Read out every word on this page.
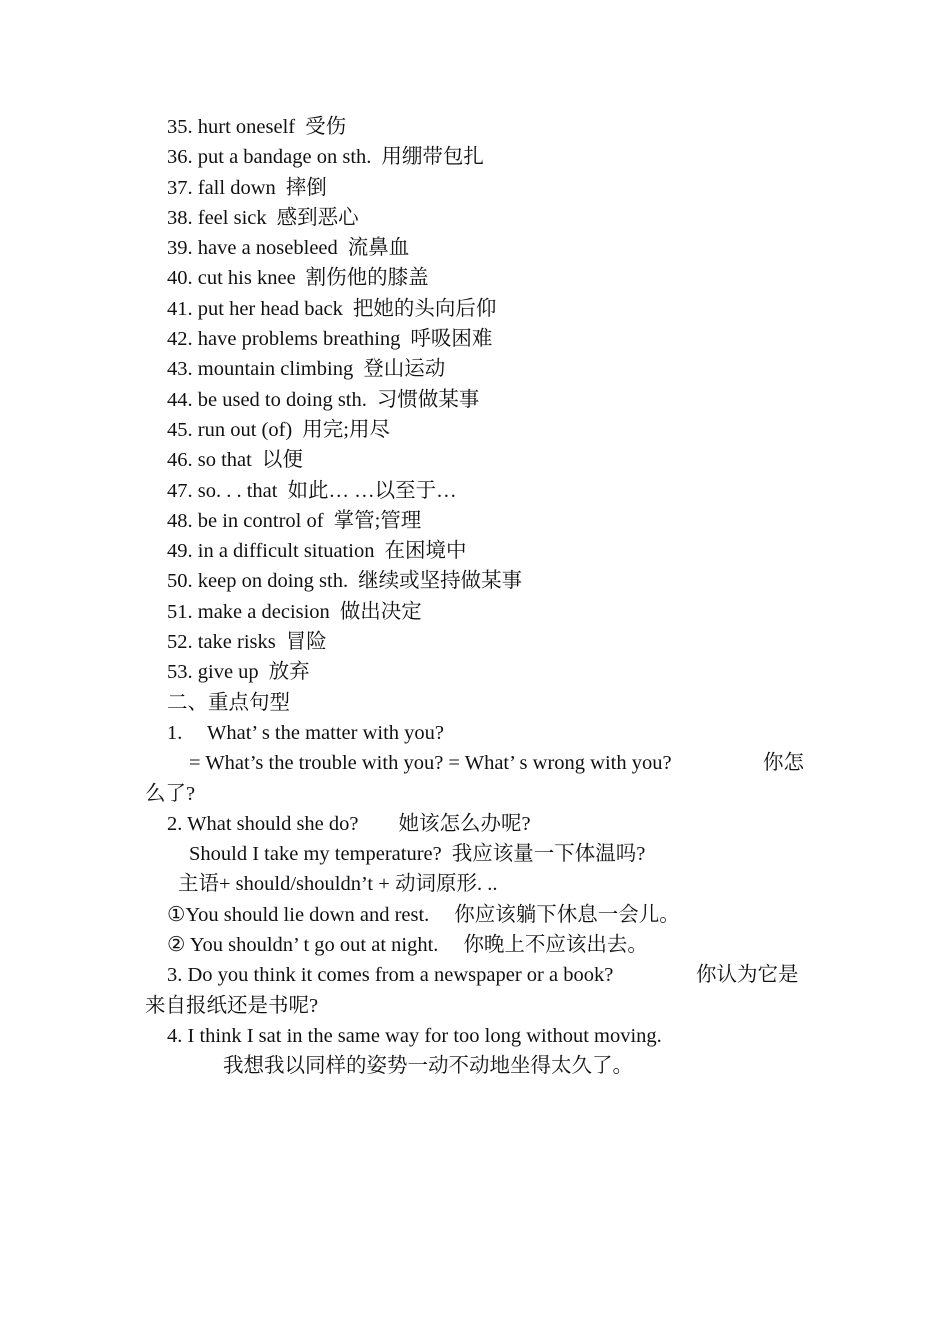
35. hurt oneself 受伤
36. put a bandage on sth. 用绷带包扎
37. fall down 摔倒
38. feel sick 感到恶心
39. have a nosebleed 流鼻血
40. cut his knee 割伤他的膝盖
41. put her head back 把她的头向后仰
42. have problems breathing 呼吸困难
43. mountain climbing 登山运动
44. be used to doing sth. 习惯做某事
45. run out (of) 用完;用尽
46. so that 以便
47. so. . . that 如此… …以至于…
48. be in control of 掌管;管理
49. in a difficult situation 在困境中
50. keep on doing sth. 继续或坚持做某事
51. make a decision 做出决定
52. take risks 冒险
53. give up 放弃
二、重点句型
1. What’ s the matter with you?
= What’s the trouble with you? = What’ s wrong with you?	你怎
么了?
2. What should she do? 她该怎么办呢?
Should I take my temperature? 我应该量一下体温吗?
主语+ should/shouldn’t + 动词原形. ..
①You should lie down and rest. 你应该躺下休息一会儿。
② You shouldn’ t go out at night. 你晚上不应该出去。
3. Do you think it comes from a newspaper or a book?	你认为它是
来自报纸还是书呢?
4. I think I sat in the same way for too long without moving.
我想我以同样的姿势一动不动地坐得太久了。
